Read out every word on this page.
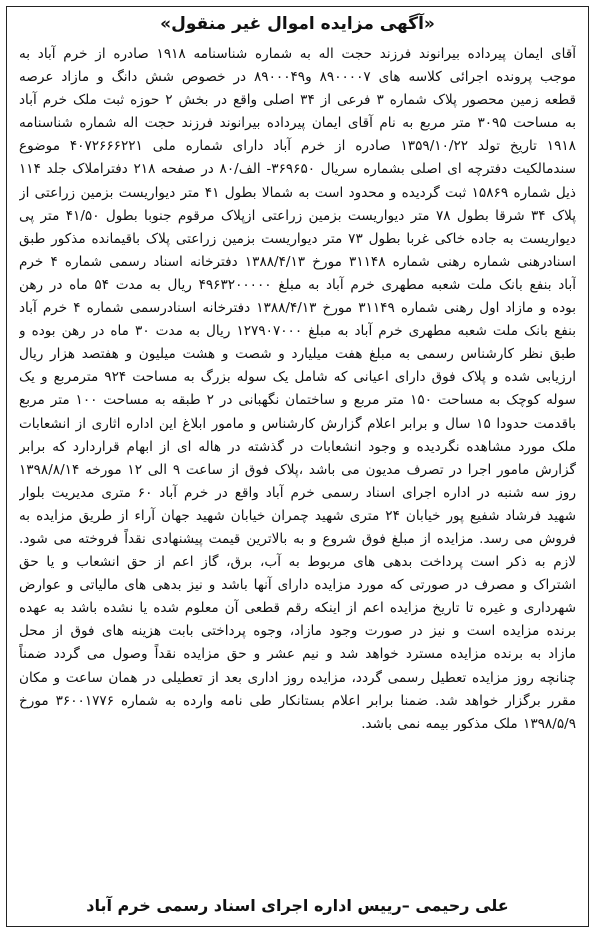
«آگهی مزایده اموال غیر منقول»

آقای ایمان پیرداده بیرانوند فرزند حجت اله به شماره شناسنامه ۱۹۱۸ صادره از خرم آباد به موجب پرونده اجرائی کلاسه های ۸۹۰۰۰۰۷ و۸۹۰۰۰۴۹ در خصوص شش دانگ و مازاد عرصه قطعه زمین محصور پلاک شماره ۳ فرعی از ۳۴ اصلی واقع در بخش ۲ حوزه ثبت ملک خرم آباد به مساحت ۳۰۹۵ متر مربع به نام آقای ایمان پیرداده بیرانوند فرزند حجت اله شماره شناسنامه ۱۹۱۸ تاریخ تولد ۱۳۵۹/۱۰/۲۲ صادره از خرم آباد دارای شماره ملی ۴۰۷۲۶۶۶۲۲۱ موضوع سندمالکیت دفترچه ای اصلی بشماره سریال ۳۶۹۶۵۰- الف/۸۰ در صفحه ۲۱۸ دفتراملاک جلد ۱۱۴ ذیل شماره ۱۵۸۶۹ ثبت گردیده و محدود است به شمالا بطول ۴۱ متر دیواریست بزمین زراعتی از پلاک ۳۴ شرقا بطول ۷۸ متر دیواریست بزمین زراعتی ازپلاک مرقوم جنوبا بطول ۴۱/۵۰ متر پی دیواریست به جاده خاکی غربا بطول ۷۳ متر دیواریست بزمین زراعتی پلاک باقیمانده مذکور طبق اسنادرهنی شماره رهنی شماره ۳۱۱۴۸ مورخ ۱۳۸۸/۴/۱۳ دفترخانه اسناد رسمی شماره ۴ خرم آباد بنفع بانک ملت شعبه مطهری خرم آباد به مبلغ ۴۹۶۳۲۰۰۰۰۰ ریال به مدت ۵۴ ماه در رهن بوده و مازاد اول رهنی شماره ۳۱۱۴۹ مورخ ۱۳۸۸/۴/۱۳ دفترخانه اسنادرسمی شماره ۴ خرم آباد بنفع بانک ملت شعبه مطهری خرم آباد به مبلغ ۱۲۷۹۰۷۰۰۰ ریال به مدت ۳۰ ماه در رهن بوده و طبق نظر کارشناس رسمی به مبلغ هفت میلیارد و شصت و هشت میلیون و هفتصد هزار ریال ارزیابی شده و پلاک فوق دارای اعیانی که شامل یک سوله بزرگ به مساحت ۹۲۴ مترمربع و یک سوله کوچک به مساحت ۱۵۰ متر مربع و ساختمان نگهبانی در ۲ طبقه به مساحت ۱۰۰ متر مربع باقدمت حدودا ۱۵ سال و برابر اعلام گزارش کارشناس و مامور ابلاغ این اداره اثاری از انشعابات ملک مورد مشاهده نگردیده و وجود انشعابات در گذشته در هاله ای از ابهام قراردارد که برابر گزارش مامور اجرا در تصرف مدیون می باشد ،پلاک فوق از ساعت ۹ الی ۱۲ مورخه ۱۳۹۸/۸/۱۴ روز سه شنبه در اداره اجرای اسناد رسمی خرم آباد واقع در خرم آباد ۶۰ متری مدیریت بلوار شهید فرشاد شفیع پور خیابان ۲۴ متری شهید چمران خیابان شهید جهان آراء از طریق مزایده به فروش می رسد. مزایده از مبلغ فوق شروع و به بالاترین قیمت پیشنهادی نقداً فروخته می شود. لازم به ذکر است پرداخت بدهی های مربوط به آب، برق، گاز اعم از حق انشعاب و یا حق اشتراک و مصرف در صورتی که مورد مزایده دارای آنها باشد و نیز بدهی های مالیاتی و عوارض شهرداری و غیره تا تاریخ مزایده اعم از اینکه رقم قطعی آن معلوم شده یا نشده باشد به عهده برنده مزایده است و نیز در صورت وجود مازاد، وجوه پرداختی بابت هزینه های فوق از محل مازاد به برنده مزایده مسترد خواهد شد و نیم عشر و حق مزایده نقداً وصول می گردد ضمناً چنانچه روز مزایده تعطیل رسمی گردد، مزایده روز اداری بعد از تعطیلی در همان ساعت و مکان مقرر برگزار خواهد شد. ضمنا برابر اعلام بستانکار طی نامه وارده به شماره ۳۶۰۰۱۷۷۶ مورخ ۱۳۹۸/۵/۹ ملک مذکور بیمه نمی باشد.

علی رحیمی –رییس اداره اجرای اسناد رسمی خرم آباد
